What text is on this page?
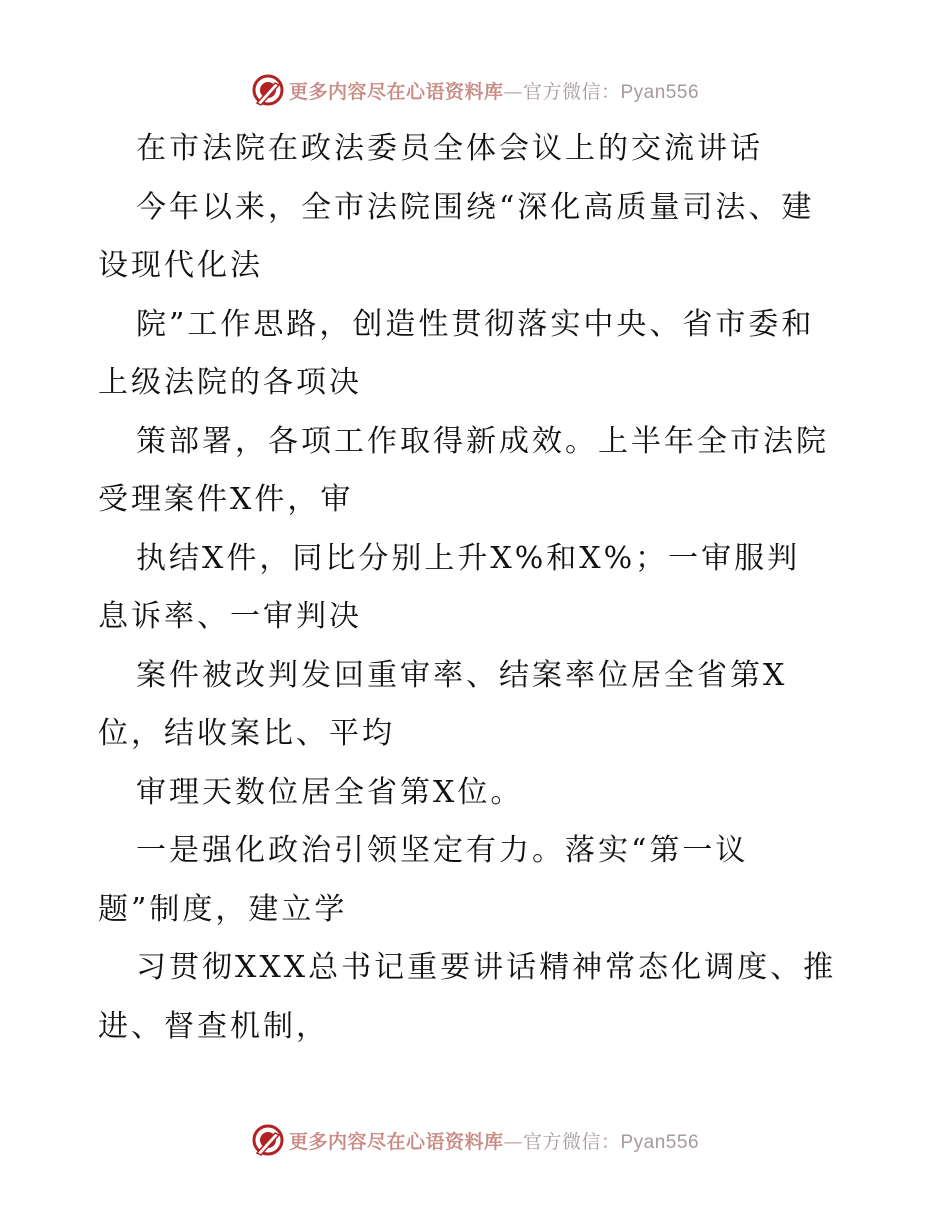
更多内容尽在心语资料库—官方微信：Pyan556
在市法院在政法委员全体会议上的交流讲话
今年以来，全市法院围绕“深化高质量司法、建
设现代化法
院”工作思路，创造性贯彻落实中央、省市委和
上级法院的各项决
策部署，各项工作取得新成效。上半年全市法院
受理案件X件，审
执结X件，同比分别上升X%和X%；一审服判
息诉率、一审判决
案件被改判发回重审率、结案率位居全省第X
位，结收案比、平均
审理天数位居全省第X位。
一是强化政治引领坚定有力。落实“第一议
题”制度，建立学
习贯彻XXX总书记重要讲话精神常态化调度、推
进、督查机制，
更多内容尽在心语资料库—官方微信：Pyan556
